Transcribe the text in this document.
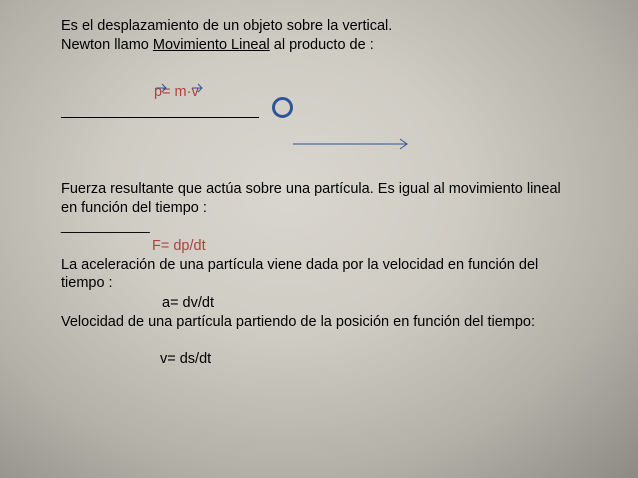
Es el desplazamiento de un objeto sobre la vertical.
Newton llamo Movimiento Lineal al producto de :
p= m·v
Fuerza resultante que actúa sobre una partícula. Es igual al movimiento lineal
en función del tiempo :
___________
F= dp/dt
La aceleración de una partícula viene dada por la velocidad en función del
tiempo :
a= dv/dt
Velocidad de una partícula partiendo de la posición en función del tiempo:
v= ds/dt
